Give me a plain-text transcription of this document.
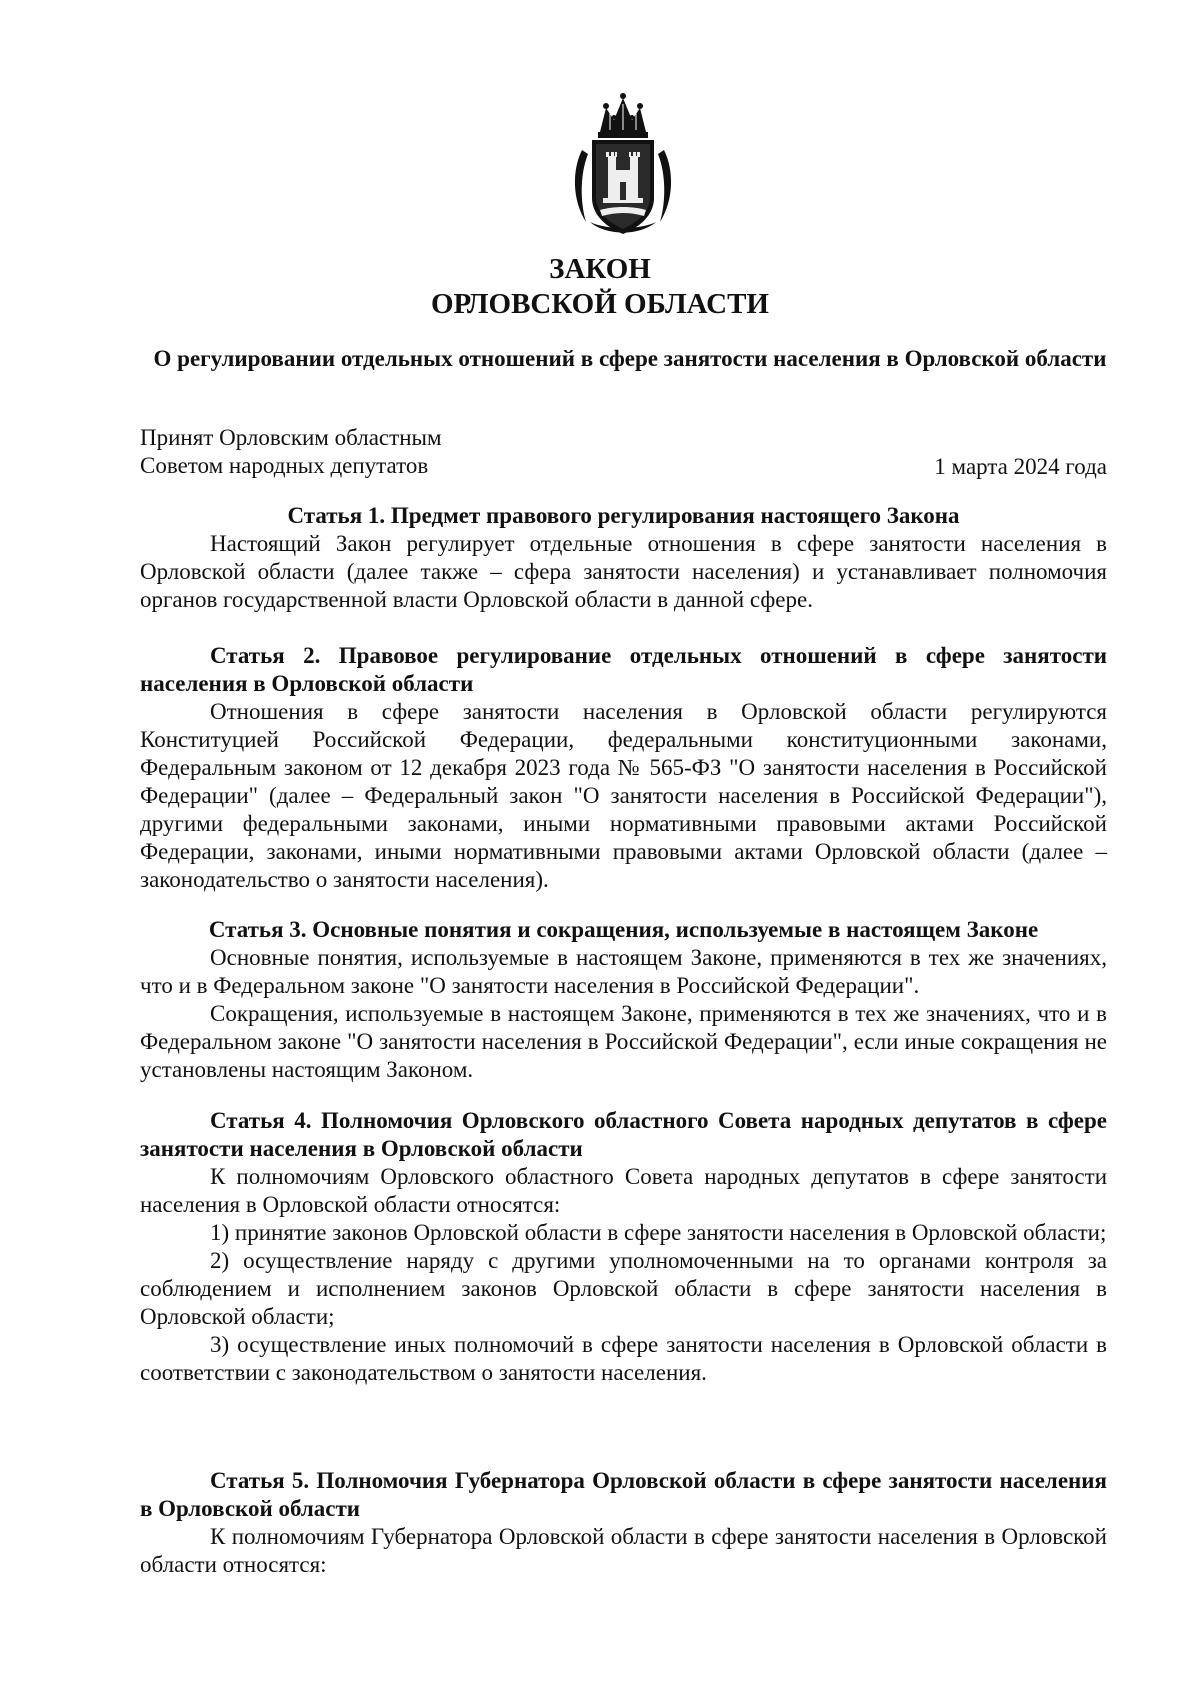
ЗАКОН
ОРЛОВСКОЙ ОБЛАСТИ
О регулировании отдельных отношений в сфере занятости населения в Орловской области
Принят Орловским областным
Советом народных депутатов	1 марта 2024 года

Статья 1. Предмет правового регулирования настоящего Закона

Настоящий Закон регулирует отдельные отношения в сфере занятости населения в Орловской области (далее также – сфера занятости населения) и устанавливает полномочия органов государственной власти Орловской области в данной сфере.

Статья 2. Правовое регулирование отдельных отношений в сфере занятости населения в Орловской области

Отношения в сфере занятости населения в Орловской области регулируются Конституцией Российской Федерации, федеральными конституционными законами, Федеральным законом от 12 декабря 2023 года № 565-ФЗ "О занятости населения в Российской Федерации" (далее – Федеральный закон "О занятости населения в Российской Федерации"), другими федеральными законами, иными нормативными правовыми актами Российской Федерации, законами, иными нормативными правовыми актами Орловской области (далее – законодательство о занятости населения).

Статья 3. Основные понятия и сокращения, используемые в настоящем Законе

Основные понятия, используемые в настоящем Законе, применяются в тех же значениях, что и в Федеральном законе "О занятости населения в Российской Федерации".

Сокращения, используемые в настоящем Законе, применяются в тех же значениях, что и в Федеральном законе "О занятости населения в Российской Федерации", если иные сокращения не установлены настоящим Законом.

Статья 4. Полномочия Орловского областного Совета народных депутатов в сфере занятости населения в Орловской области

К полномочиям Орловского областного Совета народных депутатов в сфере занятости населения в Орловской области относятся:

1) принятие законов Орловской области в сфере занятости населения в Орловской области;

2) осуществление наряду с другими уполномоченными на то органами контроля за соблюдением и исполнением законов Орловской области в сфере занятости населения в Орловской области;

3) осуществление иных полномочий в сфере занятости населения в Орловской области в соответствии с законодательством о занятости населения.

Статья 5. Полномочия Губернатора Орловской области в сфере занятости населения в Орловской области

К полномочиям Губернатора Орловской области в сфере занятости населения в Орловской области относятся:
